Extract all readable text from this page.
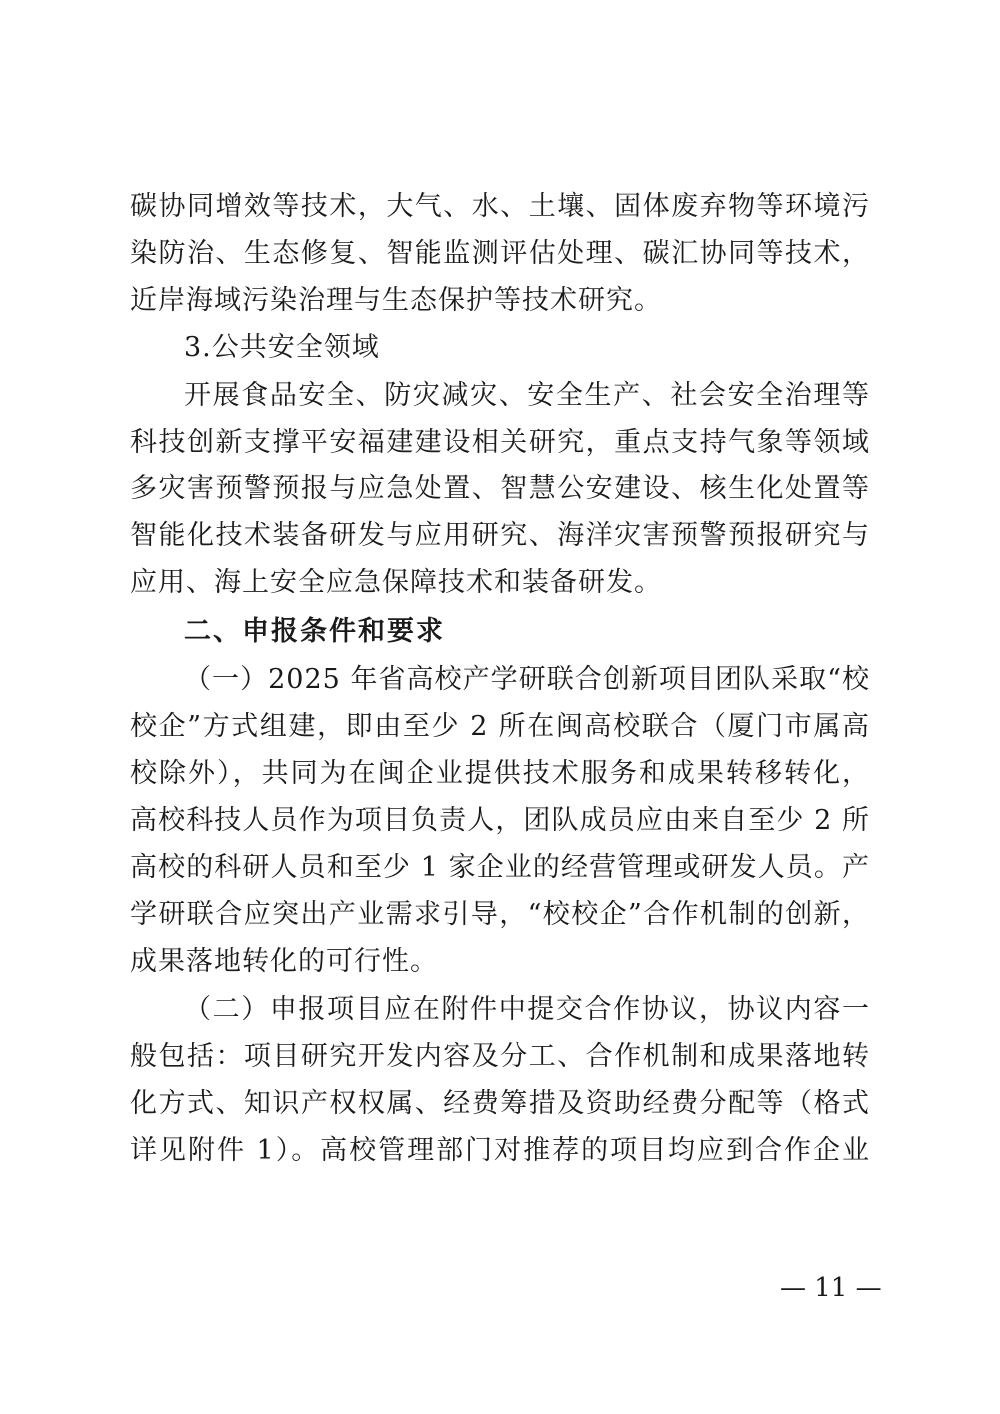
碳协同增效等技术，大气、水、土壤、固体废弃物等环境污
染防治、生态修复、智能监测评估处理、碳汇协同等技术，
近岸海域污染治理与生态保护等技术研究。
3.公共安全领域
开展食品安全、防灾减灾、安全生产、社会安全治理等
科技创新支撑平安福建建设相关研究，重点支持气象等领域
多灾害预警预报与应急处置、智慧公安建设、核生化处置等
智能化技术装备研发与应用研究、海洋灾害预警预报研究与
应用、海上安全应急保障技术和装备研发。
二、申报条件和要求
（一）2025 年省高校产学研联合创新项目团队采取“校
校企”方式组建，即由至少 2 所在闽高校联合（厦门市属高
校除外），共同为在闽企业提供技术服务和成果转移转化，
高校科技人员作为项目负责人，团队成员应由来自至少 2 所
高校的科研人员和至少 1 家企业的经营管理或研发人员。产
学研联合应突出产业需求引导，“校校企”合作机制的创新，
成果落地转化的可行性。
（二）申报项目应在附件中提交合作协议，协议内容一
般包括：项目研究开发内容及分工、合作机制和成果落地转
化方式、知识产权权属、经费筹措及资助经费分配等（格式
详见附件 1）。高校管理部门对推荐的项目均应到合作企业
— 11 —
